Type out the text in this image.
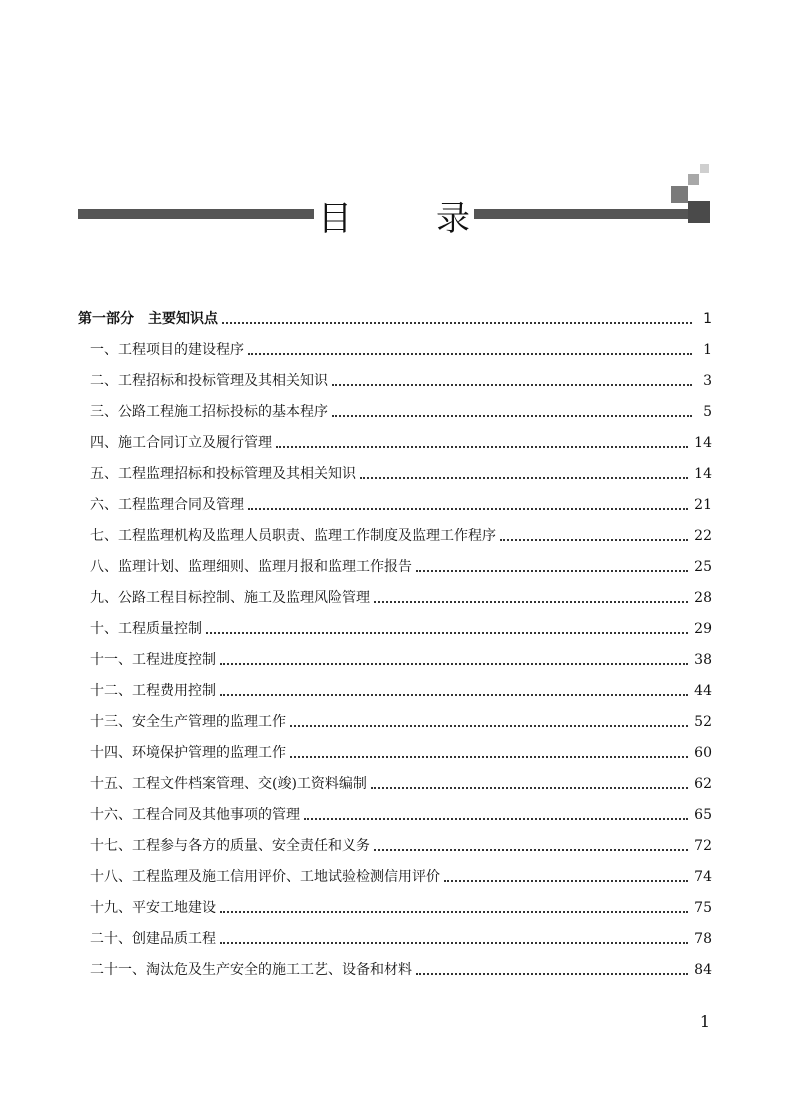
目 录
第一部分　主要知识点	1
一、工程项目的建设程序	1
二、工程招标和投标管理及其相关知识	3
三、公路工程施工招标投标的基本程序	5
四、施工合同订立及履行管理	14
五、工程监理招标和投标管理及其相关知识	14
六、工程监理合同及管理	21
七、工程监理机构及监理人员职责、监理工作制度及监理工作程序	22
八、监理计划、监理细则、监理月报和监理工作报告	25
九、公路工程目标控制、施工及监理风险管理	28
十、工程质量控制	29
十一、工程进度控制	38
十二、工程费用控制	44
十三、安全生产管理的监理工作	52
十四、环境保护管理的监理工作	60
十五、工程文件档案管理、交(竣)工资料编制	62
十六、工程合同及其他事项的管理	65
十七、工程参与各方的质量、安全责任和义务	72
十八、工程监理及施工信用评价、工地试验检测信用评价	74
十九、平安工地建设	75
二十、创建品质工程	78
二十一、淘汰危及生产安全的施工工艺、设备和材料	84
1
